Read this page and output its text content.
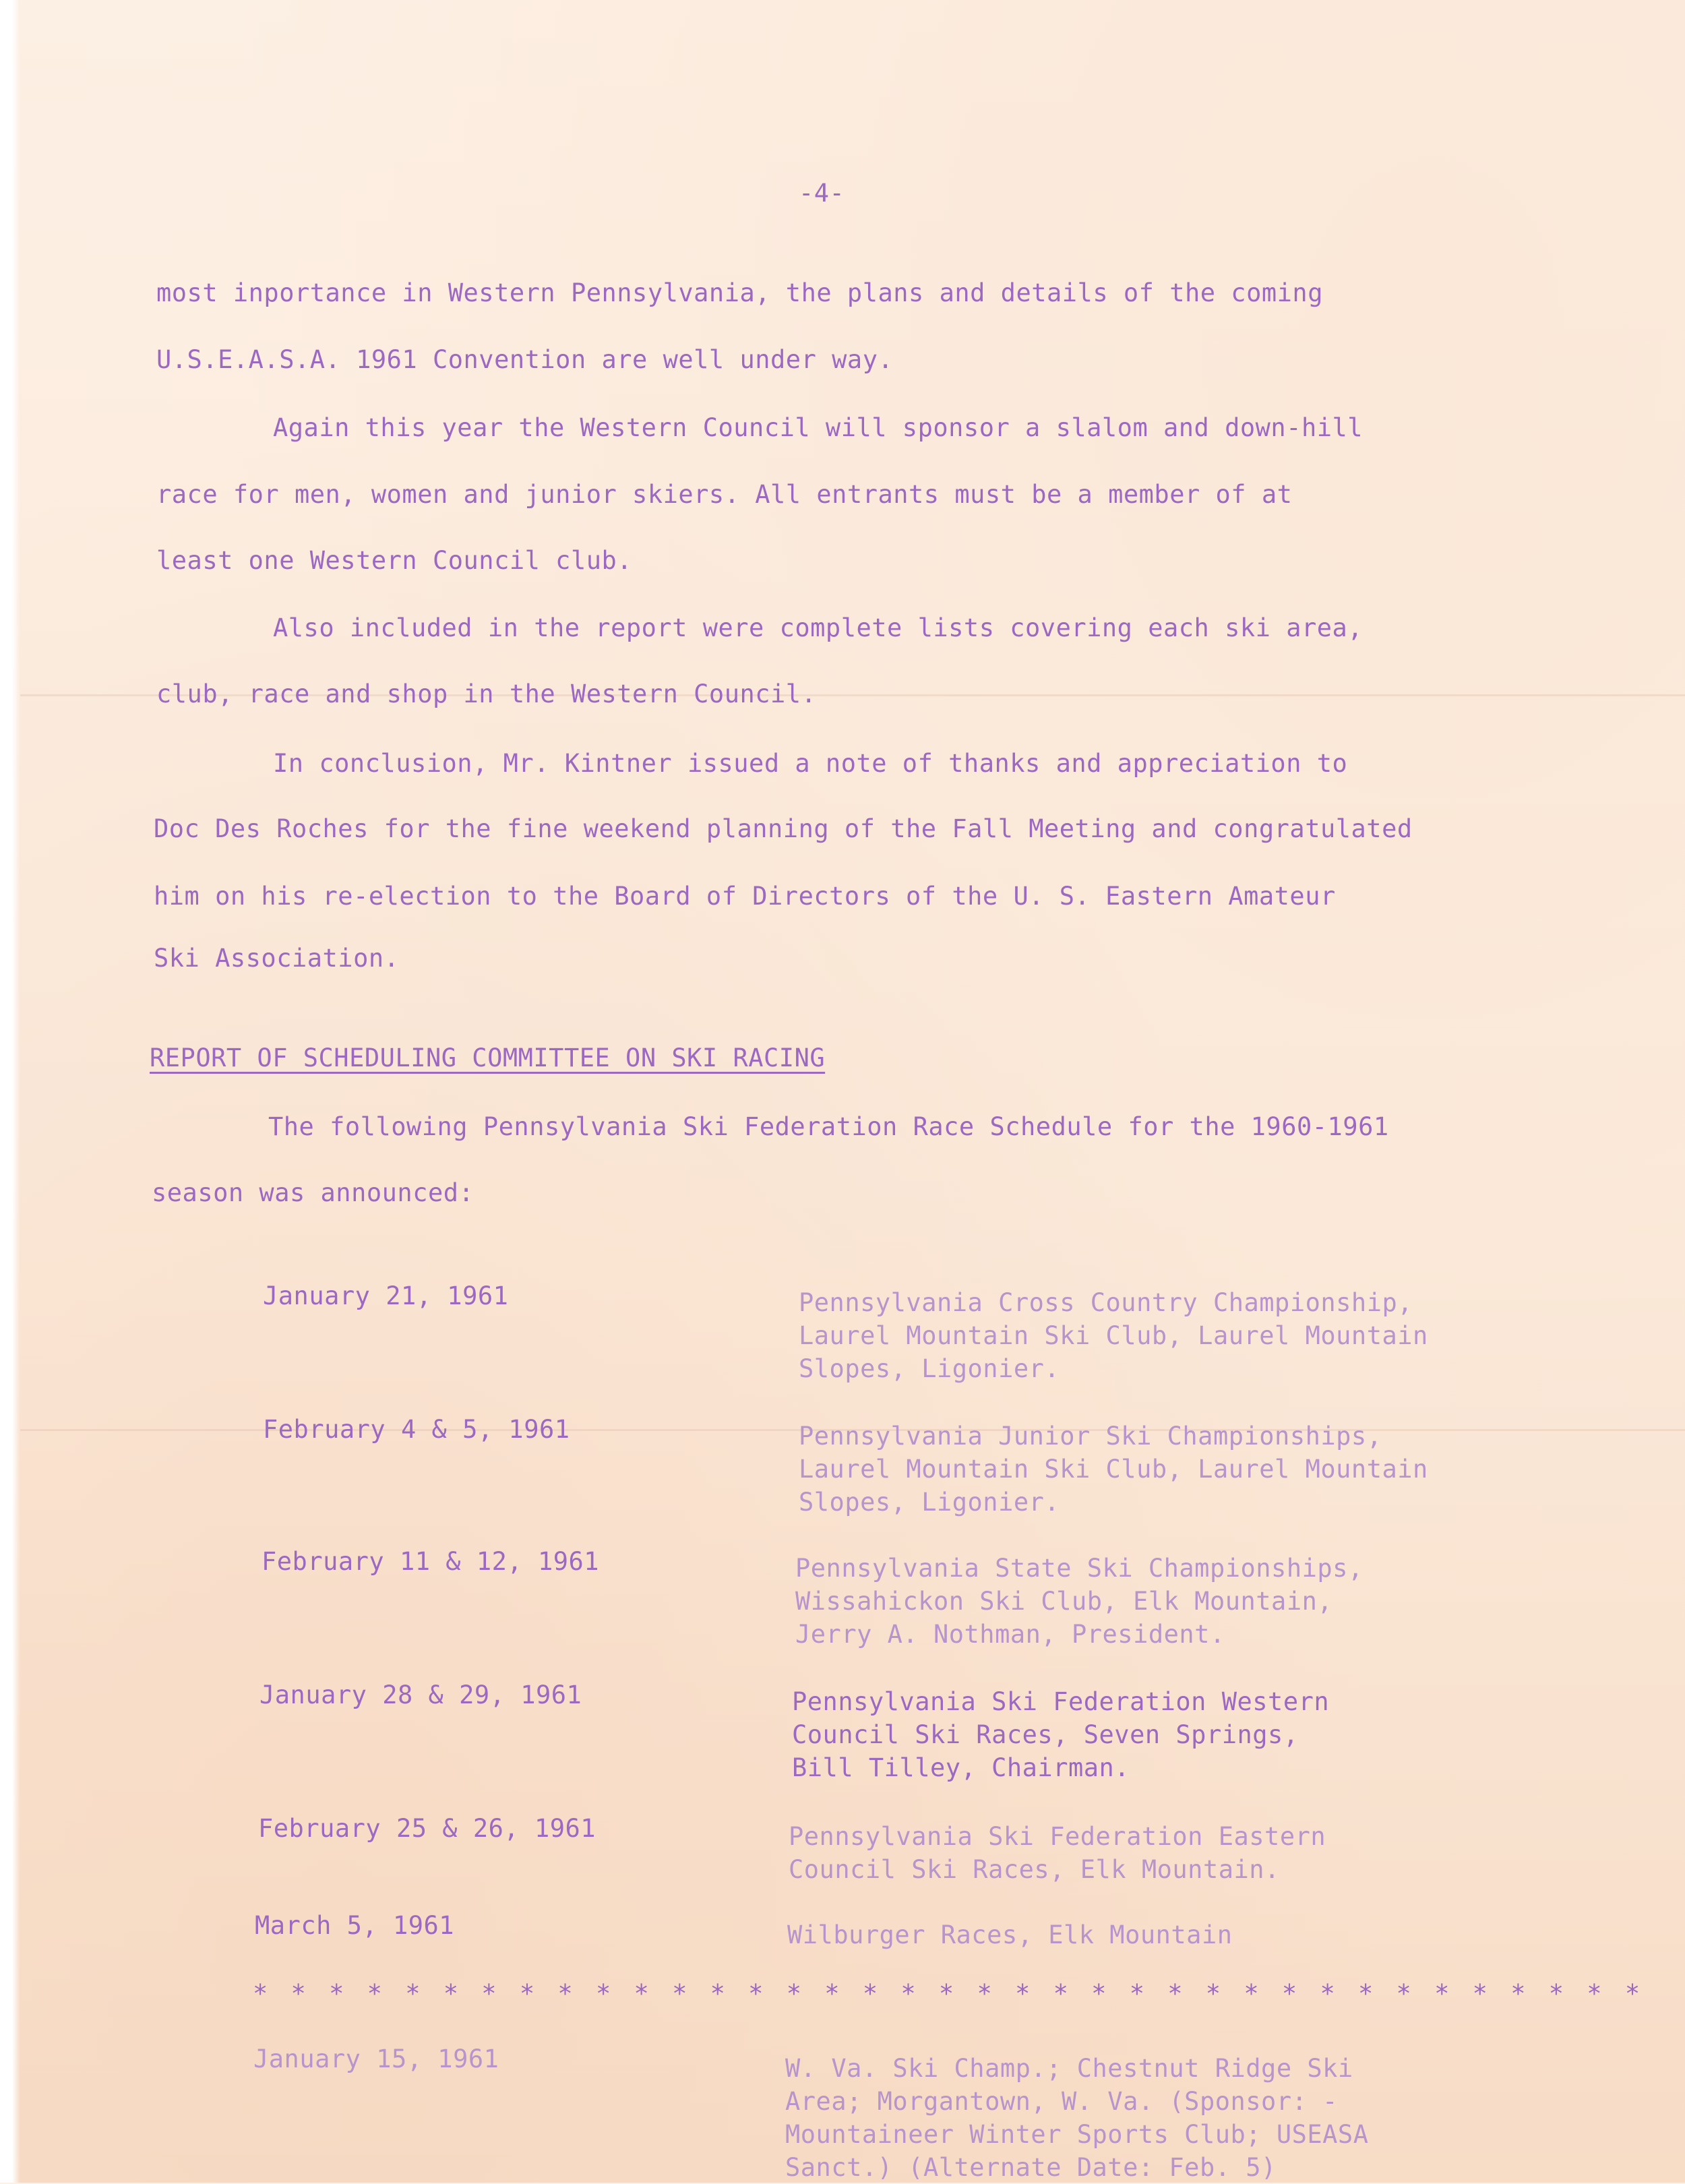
-4-
most inportance in Western Pennsylvania, the plans and details of the coming
U.S.E.A.S.A. 1961 Convention are well under way.
Again this year the Western Council will sponsor a slalom and down-hill
race for men, women and junior skiers. All entrants must be a member of at
least one Western Council club.
Also included in the report were complete lists covering each ski area,
club, race and shop in the Western Council.
In conclusion, Mr. Kintner issued a note of thanks and appreciation to
Doc Des Roches for the fine weekend planning of the Fall Meeting and congratulated
him on his re-election to the Board of Directors of the U. S. Eastern Amateur
Ski Association.
REPORT OF SCHEDULING COMMITTEE ON SKI RACING
The following Pennsylvania Ski Federation Race Schedule for the 1960-1961
season was announced:
January 21, 1961	Pennsylvania Cross Country Championship,
Laurel Mountain Ski Club, Laurel Mountain
Slopes, Ligonier.
February 4 & 5, 1961	Pennsylvania Junior Ski Championships,
Laurel Mountain Ski Club, Laurel Mountain
Slopes, Ligonier.
February 11 & 12, 1961	Pennsylvania State Ski Championships,
Wissahickon Ski Club, Elk Mountain,
Jerry A. Nothman, President.
January 28 & 29, 1961	Pennsylvania Ski Federation Western
Council Ski Races, Seven Springs,
Bill Tilley, Chairman.
February 25 & 26, 1961	Pennsylvania Ski Federation Eastern
Council Ski Races, Elk Mountain.
March 5, 1961	Wilburger Races, Elk Mountain
* * * * * * * * * * * * * * * * * * * * * * * * * * * * * * * * * * * * *
January 15, 1961	W. Va. Ski Champ.; Chestnut Ridge Ski
Area; Morgantown, W. Va. (Sponsor: -
Mountaineer Winter Sports Club; USEASA
Sanct.) (Alternate Date: Feb. 5)
